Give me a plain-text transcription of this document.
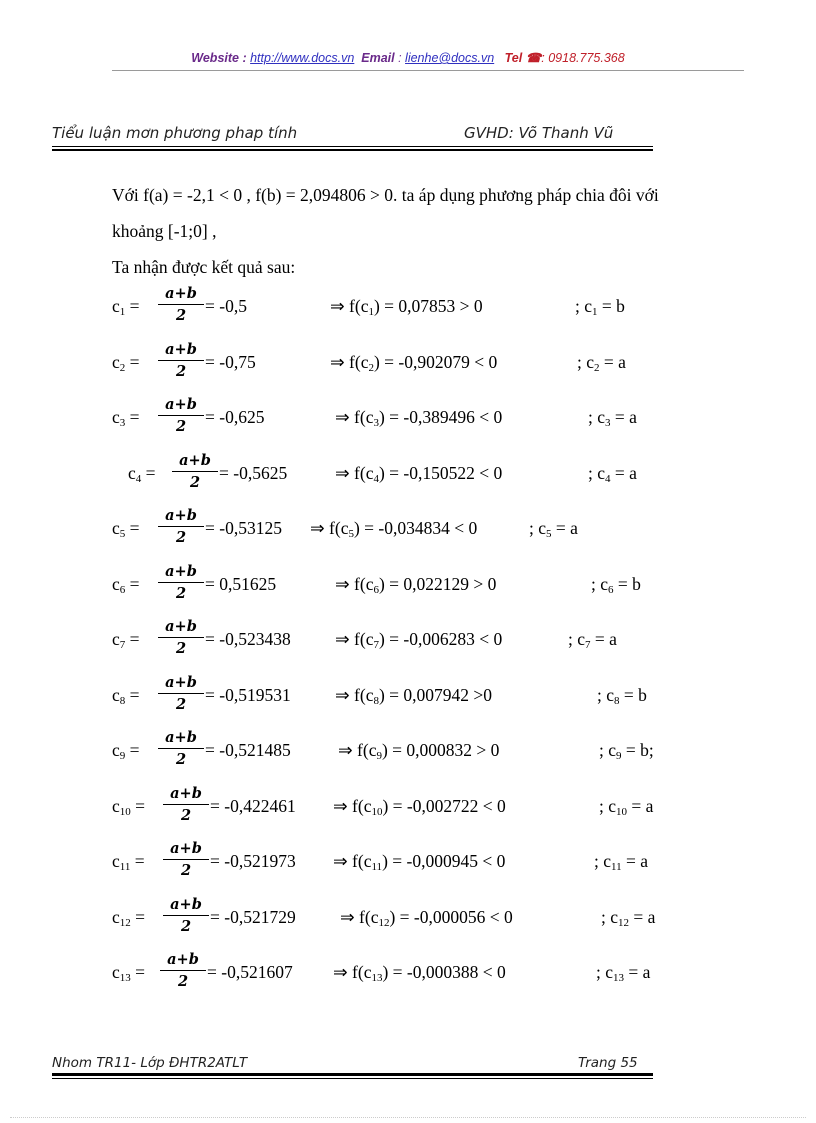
Website : http://www.docs.vn Email : lienhe@docs.vn Tel ☎: 0918.775.368
Tiểu luận mơn phương phap tính	GVHD: Võ Thanh Vũ
Với f(a) = -2,1 < 0 , f(b) = 2,094806 > 0. ta áp dụng phương pháp chia đôi với
khoảng [-1;0] ,
Ta nhận được kết quả sau:
$c_1 = \frac{a+b}{2} = -0,5$	⇒ $f(c_1) = 0,07853 > 0$	; $c_1 = b$
$c_2 = \frac{a+b}{2} = -0,75$	⇒ $f(c_2) = -0,902079 < 0$	; $c_2 = a$
$c_3 = \frac{a+b}{2} = -0,625$	⇒ $f(c_3) = -0,389496 < 0$	; $c_3 = a$
$c_4 = \frac{a+b}{2} = -0,5625$	⇒ $f(c_4) = -0,150522 < 0$	; $c_4 = a$
$c_5 = \frac{a+b}{2} = -0,53125$ ⇒ $f(c_5) = -0,034834 < 0$	; $c_5 = a$
$c_6 = \frac{a+b}{2} = 0,51625$	⇒ $f(c_6) = 0,022129 > 0$	; $c_6 = b$
$c_7 = \frac{a+b}{2} = -0,523438$	⇒ $f(c_7) = -0,006283 < 0$	; $c_7 = a$
$c_8 = \frac{a+b}{2} = -0,519531$	⇒ $f(c_8) = 0,007942 >0$	; $c_8 = b$
$c_9 = \frac{a+b}{2} = -0,521485$	⇒ $f(c_9) = 0,000832 > 0$	; $c_9 = b$;
$c_{10} = \frac{a+b}{2} = -0,422461$ ⇒ $f(c_{10}) = -0,002722 < 0$	; $c_{10} = a$
$c_{11} = \frac{a+b}{2} = -0,521973$ ⇒ $f(c_{11}) = -0,000945 < 0$	; $c_{11} = a$
$c_{12} = \frac{a+b}{2} = -0,521729$	⇒ $f(c_{12}) = -0,000056 < 0$	; $c_{12} = a$
$c_{13} = \frac{a+b}{2} = -0,521607$ ⇒ $f(c_{13}) = -0,000388 < 0$	; $c_{13} = a$
Nhom TR11- Lớp ĐHTR2ATLT	Trang 55
